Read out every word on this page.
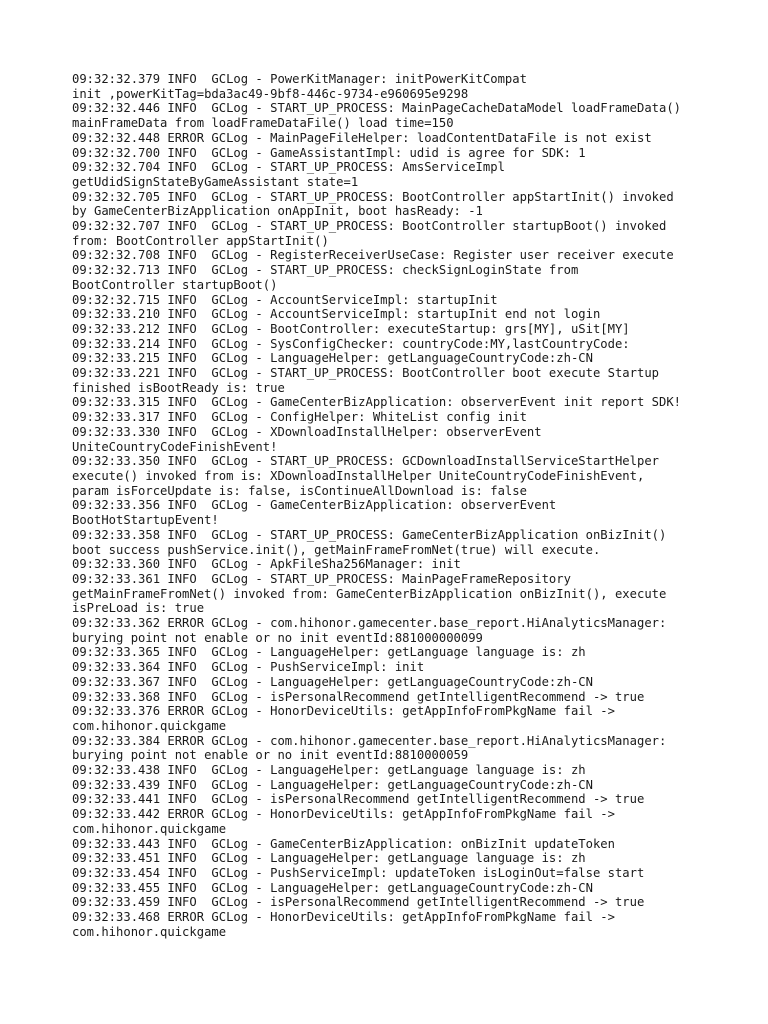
09:32:32.379 INFO  GCLog - PowerKitManager: initPowerKitCompat
init ,powerKitTag=bda3ac49-9bf8-446c-9734-e960695e9298
09:32:32.446 INFO  GCLog - START_UP_PROCESS: MainPageCacheDataModel loadFrameData()
mainFrameData from loadFrameDataFile() load time=150
09:32:32.448 ERROR GCLog - MainPageFileHelper: loadContentDataFile is not exist
09:32:32.700 INFO  GCLog - GameAssistantImpl: udid is agree for SDK: 1
09:32:32.704 INFO  GCLog - START_UP_PROCESS: AmsServiceImpl
getUdidSignStateByGameAssistant state=1
09:32:32.705 INFO  GCLog - START_UP_PROCESS: BootController appStartInit() invoked
by GameCenterBizApplication onAppInit, boot hasReady: -1
09:32:32.707 INFO  GCLog - START_UP_PROCESS: BootController startupBoot() invoked
from: BootController appStartInit()
09:32:32.708 INFO  GCLog - RegisterReceiverUseCase: Register user receiver execute
09:32:32.713 INFO  GCLog - START_UP_PROCESS: checkSignLoginState from
BootController startupBoot()
09:32:32.715 INFO  GCLog - AccountServiceImpl: startupInit
09:32:33.210 INFO  GCLog - AccountServiceImpl: startupInit end not login
09:32:33.212 INFO  GCLog - BootController: executeStartup: grs[MY], uSit[MY]
09:32:33.214 INFO  GCLog - SysConfigChecker: countryCode:MY,lastCountryCode:
09:32:33.215 INFO  GCLog - LanguageHelper: getLanguageCountryCode:zh-CN
09:32:33.221 INFO  GCLog - START_UP_PROCESS: BootController boot execute Startup
finished isBootReady is: true
09:32:33.315 INFO  GCLog - GameCenterBizApplication: observerEvent init report SDK!
09:32:33.317 INFO  GCLog - ConfigHelper: WhiteList config init
09:32:33.330 INFO  GCLog - XDownloadInstallHelper: observerEvent
UniteCountryCodeFinishEvent!
09:32:33.350 INFO  GCLog - START_UP_PROCESS: GCDownloadInstallServiceStartHelper
execute() invoked from is: XDownloadInstallHelper UniteCountryCodeFinishEvent,
param isForceUpdate is: false, isContinueAllDownload is: false
09:32:33.356 INFO  GCLog - GameCenterBizApplication: observerEvent
BootHotStartupEvent!
09:32:33.358 INFO  GCLog - START_UP_PROCESS: GameCenterBizApplication onBizInit()
boot success pushService.init(), getMainFrameFromNet(true) will execute.
09:32:33.360 INFO  GCLog - ApkFileSha256Manager: init
09:32:33.361 INFO  GCLog - START_UP_PROCESS: MainPageFrameRepository
getMainFrameFromNet() invoked from: GameCenterBizApplication onBizInit(), execute
isPreLoad is: true
09:32:33.362 ERROR GCLog - com.hihonor.gamecenter.base_report.HiAnalyticsManager:
burying point not enable or no init eventId:881000000099
09:32:33.365 INFO  GCLog - LanguageHelper: getLanguage language is: zh
09:32:33.364 INFO  GCLog - PushServiceImpl: init
09:32:33.367 INFO  GCLog - LanguageHelper: getLanguageCountryCode:zh-CN
09:32:33.368 INFO  GCLog - isPersonalRecommend getIntelligentRecommend -> true
09:32:33.376 ERROR GCLog - HonorDeviceUtils: getAppInfoFromPkgName fail ->
com.hihonor.quickgame
09:32:33.384 ERROR GCLog - com.hihonor.gamecenter.base_report.HiAnalyticsManager:
burying point not enable or no init eventId:8810000059
09:32:33.438 INFO  GCLog - LanguageHelper: getLanguage language is: zh
09:32:33.439 INFO  GCLog - LanguageHelper: getLanguageCountryCode:zh-CN
09:32:33.441 INFO  GCLog - isPersonalRecommend getIntelligentRecommend -> true
09:32:33.442 ERROR GCLog - HonorDeviceUtils: getAppInfoFromPkgName fail ->
com.hihonor.quickgame
09:32:33.443 INFO  GCLog - GameCenterBizApplication: onBizInit updateToken
09:32:33.451 INFO  GCLog - LanguageHelper: getLanguage language is: zh
09:32:33.454 INFO  GCLog - PushServiceImpl: updateToken isLoginOut=false start
09:32:33.455 INFO  GCLog - LanguageHelper: getLanguageCountryCode:zh-CN
09:32:33.459 INFO  GCLog - isPersonalRecommend getIntelligentRecommend -> true
09:32:33.468 ERROR GCLog - HonorDeviceUtils: getAppInfoFromPkgName fail ->
com.hihonor.quickgame
